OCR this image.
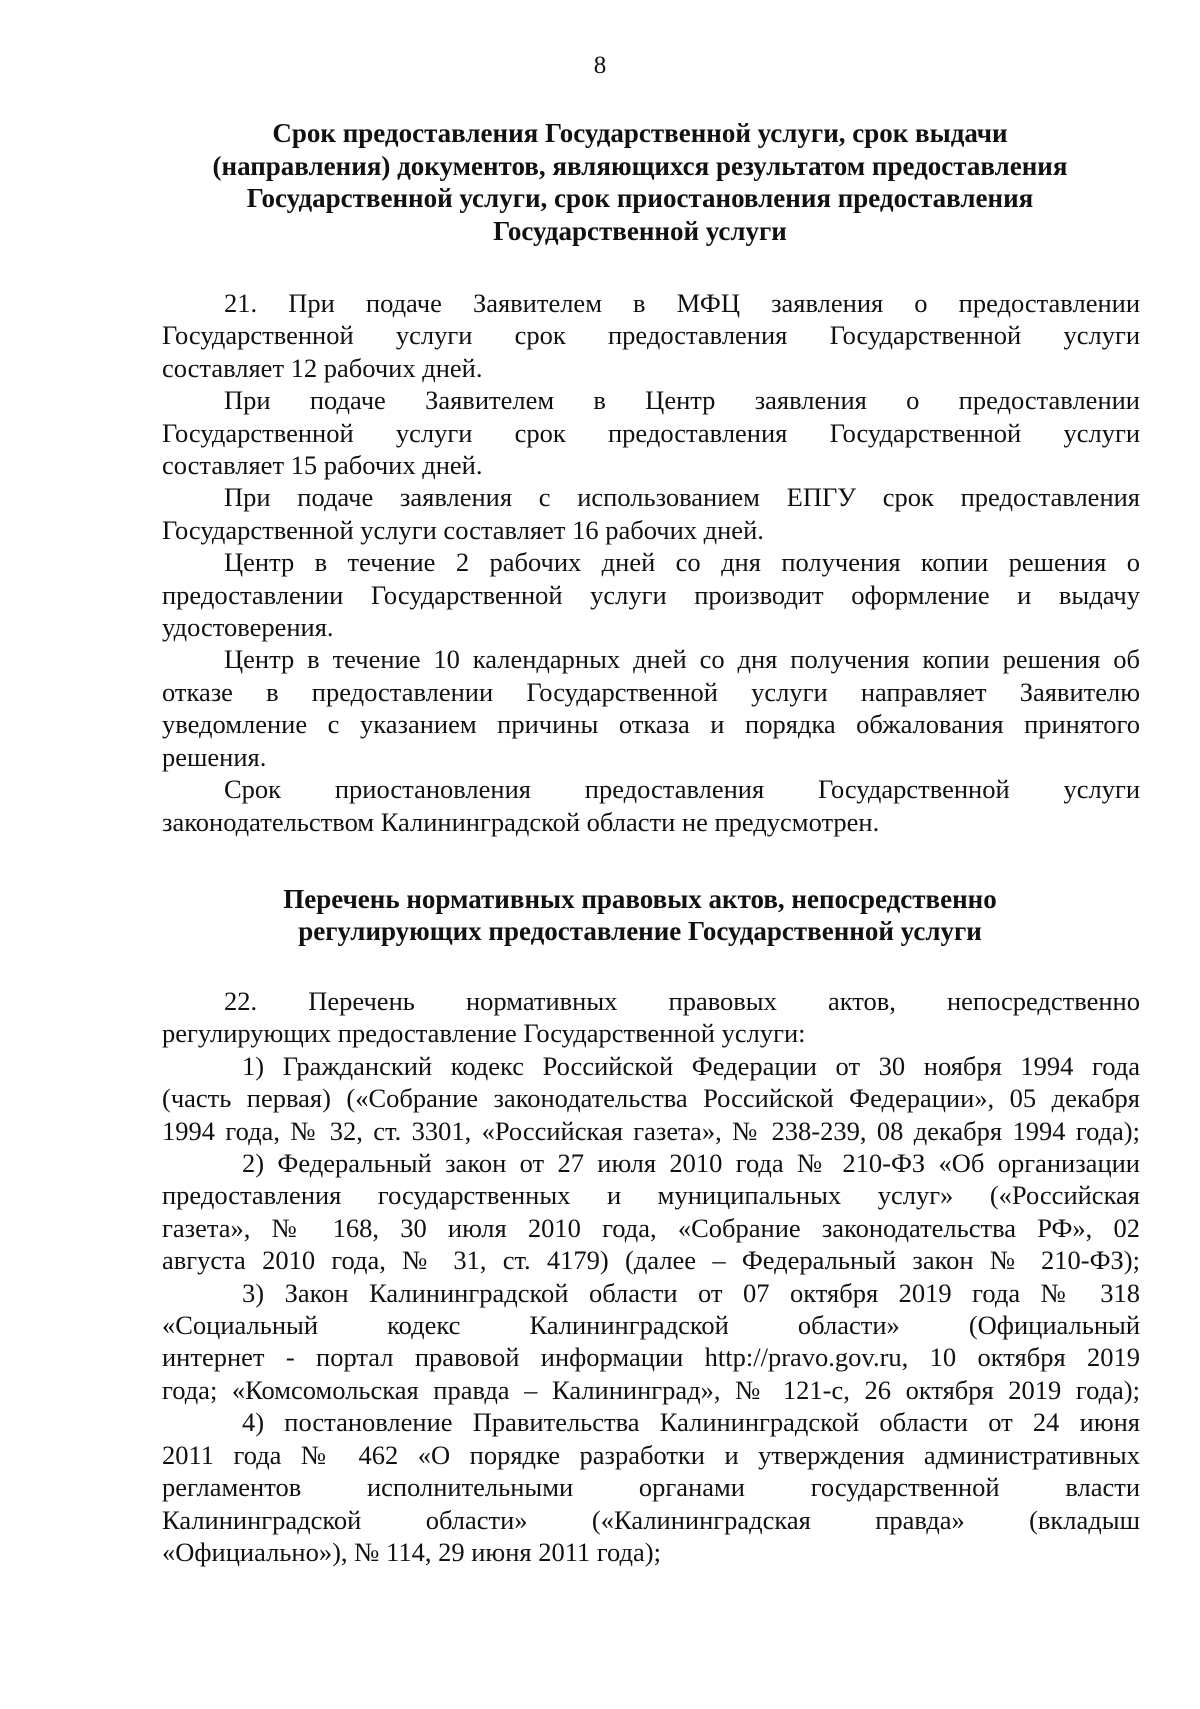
8
Срок предоставления Государственной услуги, срок выдачи
(направления) документов, являющихся результатом предоставления
Государственной услуги, срок приостановления предоставления
Государственной услуги
21. При подаче Заявителем в МФЦ заявления о предоставлении
Государственной услуги срок предоставления Государственной услуги
составляет 12 рабочих дней.
При подаче Заявителем в Центр заявления о предоставлении
Государственной услуги срок предоставления Государственной услуги
составляет 15 рабочих дней.
При подаче заявления с использованием ЕПГУ срок предоставления
Государственной услуги составляет 16 рабочих дней.
Центр в течение 2 рабочих дней со дня получения копии решения о
предоставлении Государственной услуги производит оформление и выдачу
удостоверения.
Центр в течение 10 календарных дней со дня получения копии решения об
отказе в предоставлении Государственной услуги направляет Заявителю
уведомление с указанием причины отказа и порядка обжалования принятого
решения.
Срок приостановления предоставления Государственной услуги
законодательством Калининградской области не предусмотрен.
Перечень нормативных правовых актов, непосредственно
регулирующих предоставление Государственной услуги
22. Перечень нормативных правовых актов, непосредственно
регулирующих предоставление Государственной услуги:
1) Гражданский кодекс Российской Федерации от 30 ноября 1994 года
(часть первая) («Собрание законодательства Российской Федерации», 05 декабря
1994 года, № 32, ст. 3301, «Российская газета», № 238-239, 08 декабря 1994 года);
2) Федеральный закон от 27 июля 2010 года № 210-ФЗ «Об организации
предоставления государственных и муниципальных услуг» («Российская
газета», № 168, 30 июля 2010 года, «Собрание законодательства РФ», 02
августа 2010 года, № 31, ст. 4179) (далее – Федеральный закон № 210-ФЗ);
3) Закон Калининградской области от 07 октября 2019 года № 318
«Социальный кодекс Калининградской области» (Официальный
интернет - портал правовой информации http://pravo.gov.ru, 10 октября 2019
года; «Комсомольская правда – Калининград», № 121-с, 26 октября 2019 года);
4) постановление Правительства Калининградской области от 24 июня
2011 года № 462 «О порядке разработки и утверждения административных
регламентов исполнительными органами государственной власти
Калининградской области» («Калининградская правда» (вкладыш
«Официально»), № 114, 29 июня 2011 года);
